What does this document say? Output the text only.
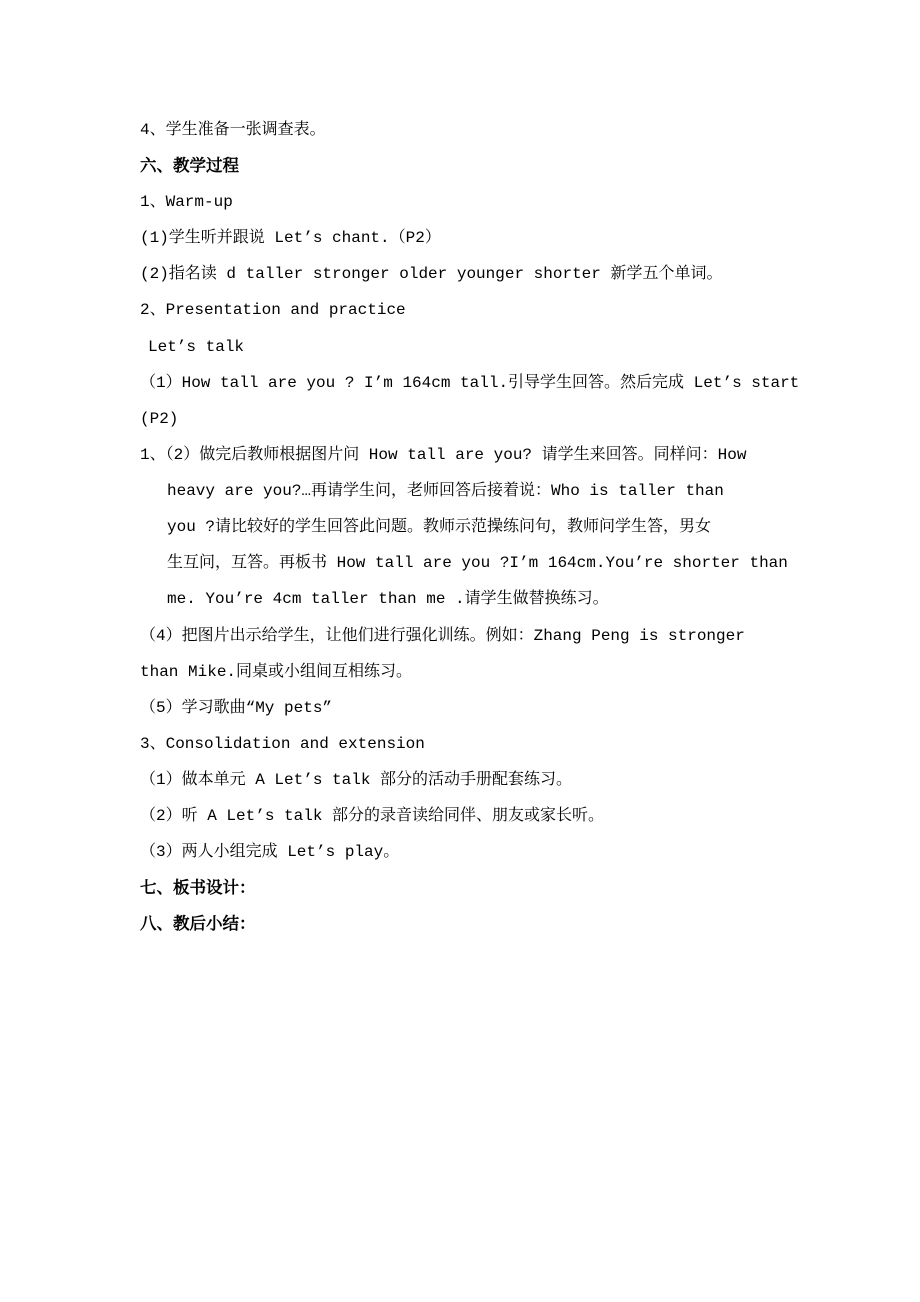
4、学生准备一张调查表。
六、教学过程
1、Warm-up
(1)学生听并跟说 Let’s chant.（P2）
(2)指名读 d taller stronger older younger shorter 新学五个单词。
2、Presentation and practice
Let’s talk
（1）How tall are you ? I’m 164cm tall.引导学生回答。然后完成 Let’s start
(P2)
1、（2）做完后教师根据图片问 How tall are you? 请学生来回答。同样问：How
heavy are you?…再请学生问，老师回答后接着说：Who is taller than
you ?请比较好的学生回答此问题。教师示范操练问句，教师问学生答，男女
生互问，互答。再板书 How tall are you ?I’m 164cm.You’re shorter than
me. You’re 4cm taller than me .请学生做替换练习。
（4）把图片出示给学生，让他们进行强化训练。例如：Zhang Peng is stronger
than Mike.同桌或小组间互相练习。
（5）学习歌曲“My pets”
3、Consolidation and extension
（1）做本单元 A Let’s talk 部分的活动手册配套练习。
（2）听 A Let’s talk 部分的录音读给同伴、朋友或家长听。
（3）两人小组完成 Let’s play。
七、板书设计：
八、教后小结：
